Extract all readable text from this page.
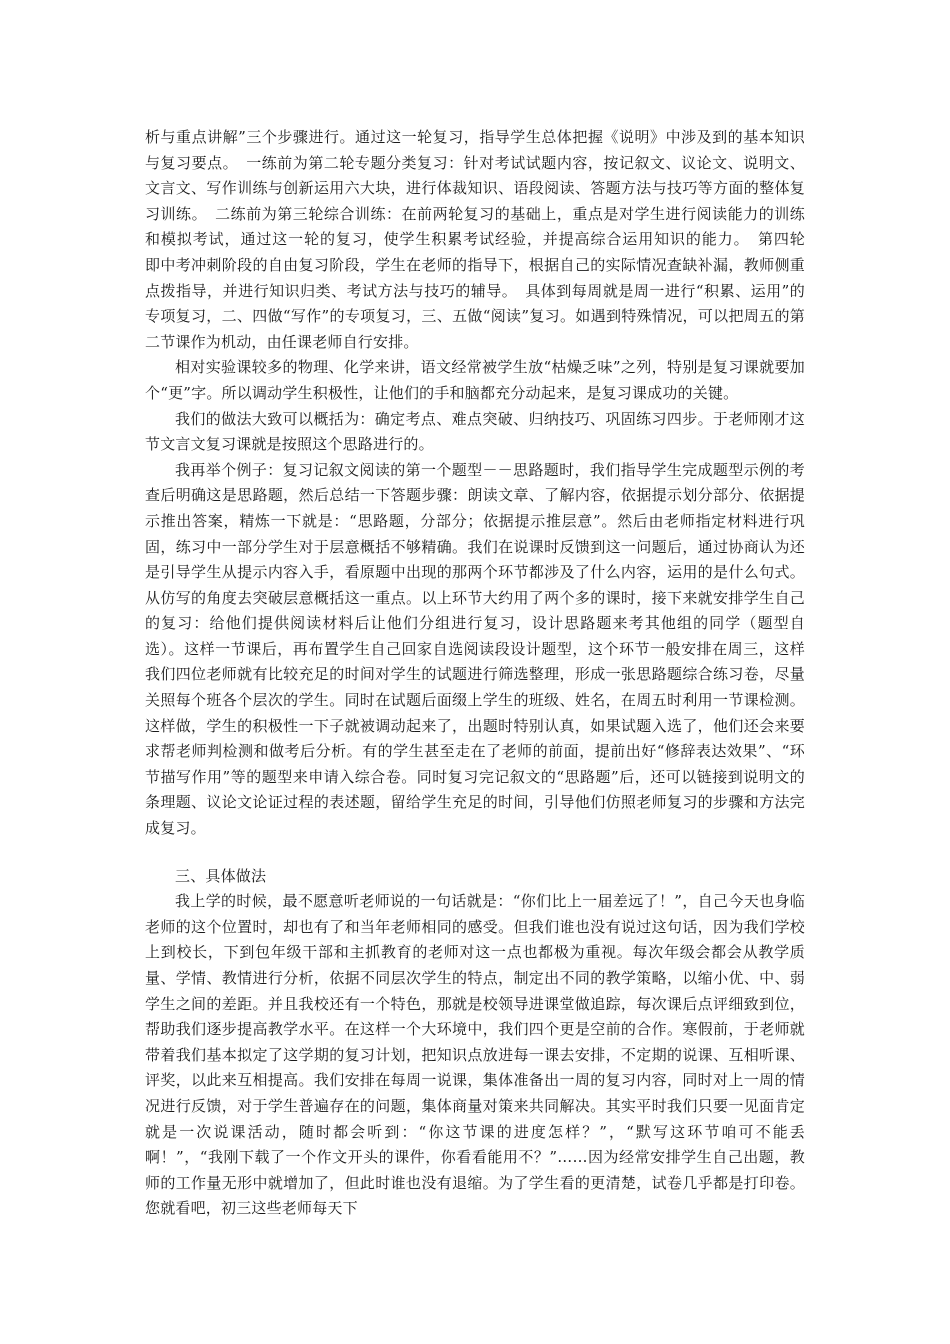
析与重点讲解”三个步骤进行。通过这一轮复习，指导学生总体把握《说明》中涉及到的基本知识与复习要点。　一练前为第二轮专题分类复习：针对考试试题内容，按记叙文、议论文、说明文、文言文、写作训练与创新运用六大块，进行体裁知识、语段阅读、答题方法与技巧等方面的整体复习训练。　二练前为第三轮综合训练：在前两轮复习的基础上，重点是对学生进行阅读能力的训练和模拟考试，通过这一轮的复习，使学生积累考试经验，并提高综合运用知识的能力。　第四轮　即中考冲刺阶段的自由复习阶段，学生在老师的指导下，根据自己的实际情况查缺补漏，教师侧重点拨指导，并进行知识归类、考试方法与技巧的辅导。　具体到每周就是周一进行“积累、运用”的专项复习，二、四做“写作”的专项复习，三、五做“阅读”复习。如遇到特殊情况，可以把周五的第二节课作为机动，由任课老师自行安排。

相对实验课较多的物理、化学来讲，语文经常被学生放“枯燥乏味”之列，特别是复习课就要加个“更”字。所以调动学生积极性，让他们的手和脑都充分动起来，是复习课成功的关键。

我们的做法大致可以概括为：确定考点、难点突破、归纳技巧、巩固练习四步。于老师刚才这节文言文复习课就是按照这个思路进行的。

我再举个例子：复习记叙文阅读的第一个题型－－思路题时，我们指导学生完成题型示例的考查后明确这是思路题，然后总结一下答题步骤：朗读文章、了解内容，依据提示划分部分、依据提示推出答案，精炼一下就是：“思路题，分部分；依据提示推层意”。然后由老师指定材料进行巩固，练习中一部分学生对于层意概括不够精确。我们在说课时反馈到这一问题后，通过协商认为还是引导学生从提示内容入手，看原题中出现的那两个环节都涉及了什么内容，运用的是什么句式。从仿写的角度去突破层意概括这一重点。以上环节大约用了两个多的课时，接下来就安排学生自己的复习：给他们提供阅读材料后让他们分组进行复习，设计思路题来考其他组的同学（题型自选）。这样一节课后，再布置学生自己回家自选阅读段设计题型，这个环节一般安排在周三，这样我们四位老师就有比较充足的时间对学生的试题进行筛选整理，形成一张思路题综合练习卷，尽量关照每个班各个层次的学生。同时在试题后面缀上学生的班级、姓名，在周五时利用一节课检测。这样做，学生的积极性一下子就被调动起来了，出题时特别认真，如果试题入选了，他们还会来要求帮老师判检测和做考后分析。有的学生甚至走在了老师的前面，提前出好“修辞表达效果”、“环节描写作用”等的题型来申请入综合卷。同时复习完记叙文的“思路题”后，还可以链接到说明文的条理题、议论文论证过程的表述题，留给学生充足的时间，引导他们仿照老师复习的步骤和方法完成复习。

三、具体做法

我上学的时候，最不愿意听老师说的一句话就是：“你们比上一届差远了！”，自己今天也身临老师的这个位置时，却也有了和当年老师相同的感受。但我们谁也没有说过这句话，因为我们学校上到校长，下到包年级干部和主抓教育的老师对这一点也都极为重视。每次年级会都会从教学质量、学情、教情进行分析，依据不同层次学生的特点，制定出不同的教学策略，以缩小优、中、弱学生之间的差距。并且我校还有一个特色，那就是校领导进课堂做追踪，每次课后点评细致到位，帮助我们逐步提高教学水平。在这样一个大环境中，我们四个更是空前的合作。寒假前，于老师就带着我们基本拟定了这学期的复习计划，把知识点放进每一课去安排，不定期的说课、互相听课、评奖，以此来互相提高。我们安排在每周一说课，集体准备出一周的复习内容，同时对上一周的情况进行反馈，对于学生普遍存在的问题，集体商量对策来共同解决。其实平时我们只要一见面肯定就是一次说课活动，随时都会听到：“你这节课的进度怎样？”，“默写这环节咱可不能丢啊！”，“我刚下载了一个作文开头的课件，你看看能用不？”……因为经常安排学生自己出题，教师的工作量无形中就增加了，但此时谁也没有退缩。为了学生看的更清楚，试卷几乎都是打印卷。您就看吧，初三这些老师每天下
